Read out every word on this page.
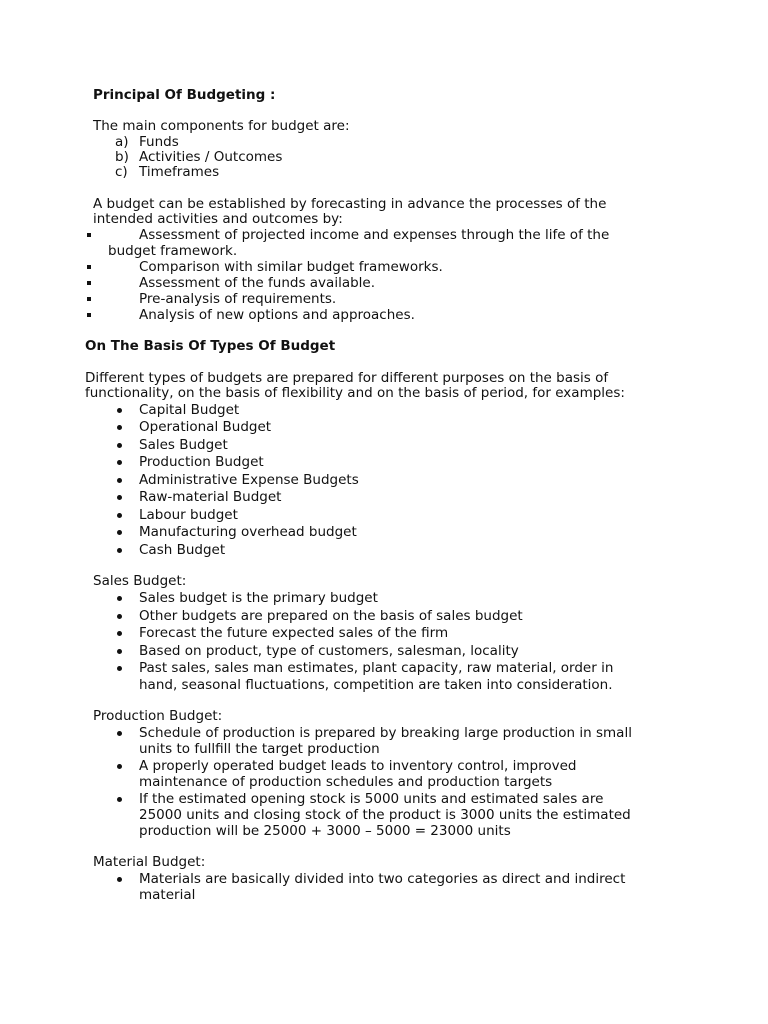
Principal Of Budgeting :
The main components for budget are:
a) Funds
b) Activities / Outcomes
c) Timeframes
A budget can be established by forecasting in advance the processes of the
intended activities and outcomes by:
Assessment of projected income and expenses through the life of the
budget framework.
Comparison with similar budget frameworks.
Assessment of the funds available.
Pre-analysis of requirements.
Analysis of new options and approaches.
On The Basis Of Types Of Budget
Different types of budgets are prepared for different purposes on the basis of
functionality, on the basis of flexibility and on the basis of period, for examples:
Capital Budget
Operational Budget
Sales Budget
Production Budget
Administrative Expense Budgets
Raw-material Budget
Labour budget
Manufacturing overhead budget
Cash Budget
Sales Budget:
Sales budget is the primary budget
Other budgets are prepared on the basis of sales budget
Forecast the future expected sales of the firm
Based on product, type of customers, salesman, locality
Past sales, sales man estimates, plant capacity, raw material, order in
hand, seasonal fluctuations, competition are taken into consideration.
Production Budget:
Schedule of production is prepared by breaking large production in small
units to fullfill the target production
A properly operated budget leads to inventory control, improved
maintenance of production schedules and production targets
If the estimated opening stock is 5000 units and estimated sales are
25000 units and closing stock of the product is 3000 units the estimated
production will be 25000 + 3000 – 5000 = 23000 units
Material Budget:
Materials are basically divided into two categories as direct and indirect
material
